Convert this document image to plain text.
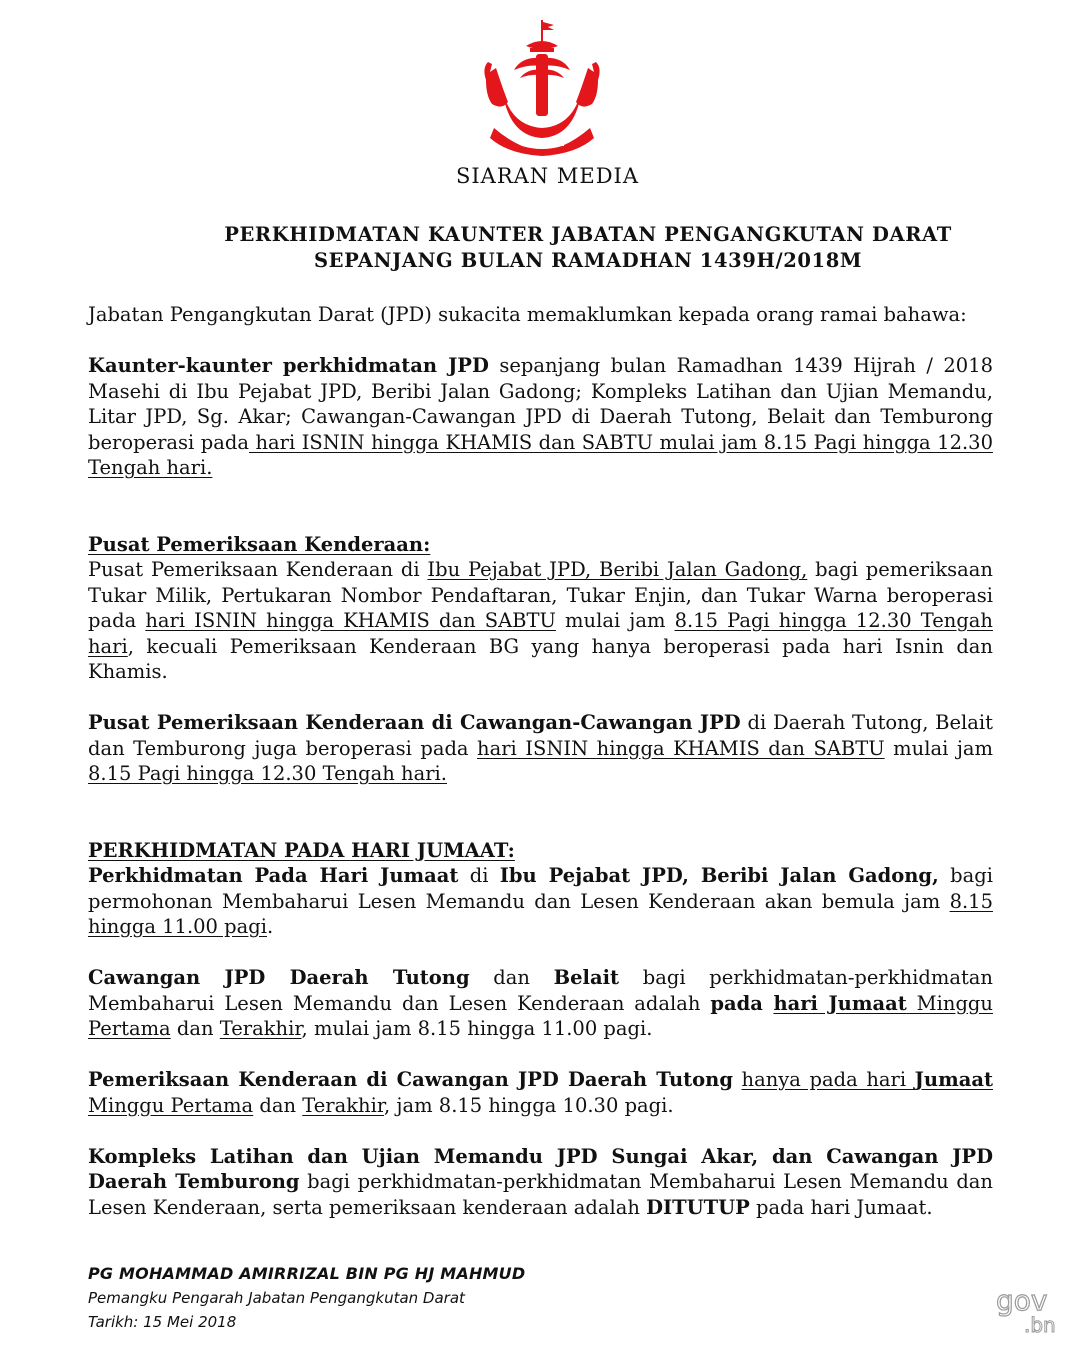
SIARAN MEDIA
PERKHIDMATAN KAUNTER JABATAN PENGANGKUTAN DARAT
SEPANJANG BULAN RAMADHAN 1439H/2018M

Jabatan Pengangkutan Darat (JPD) sukacita memaklumkan kepada orang ramai bahawa:

Kaunter-kaunter perkhidmatan JPD sepanjang bulan Ramadhan 1439 Hijrah / 2018 Masehi di Ibu Pejabat JPD, Beribi Jalan Gadong; Kompleks Latihan dan Ujian Memandu, Litar JPD, Sg. Akar; Cawangan-Cawangan JPD di Daerah Tutong, Belait dan Temburong beroperasi pada hari ISNIN hingga KHAMIS dan SABTU mulai jam 8.15 Pagi hingga 12.30 Tengah hari.

Pusat Pemeriksaan Kenderaan:

Pusat Pemeriksaan Kenderaan di Ibu Pejabat JPD, Beribi Jalan Gadong, bagi pemeriksaan Tukar Milik, Pertukaran Nombor Pendaftaran, Tukar Enjin, dan Tukar Warna beroperasi pada hari ISNIN hingga KHAMIS dan SABTU mulai jam 8.15 Pagi hingga 12.30 Tengah hari, kecuali Pemeriksaan Kenderaan BG yang hanya beroperasi pada hari Isnin dan Khamis.

Pusat Pemeriksaan Kenderaan di Cawangan-Cawangan JPD di Daerah Tutong, Belait dan Temburong juga beroperasi pada hari ISNIN hingga KHAMIS dan SABTU mulai jam 8.15 Pagi hingga 12.30 Tengah hari.

PERKHIDMATAN PADA HARI JUMAAT:

Perkhidmatan Pada Hari Jumaat di Ibu Pejabat JPD, Beribi Jalan Gadong, bagi permohonan Membaharui Lesen Memandu dan Lesen Kenderaan akan bemula jam 8.15 hingga 11.00 pagi.

Cawangan JPD Daerah Tutong dan Belait bagi perkhidmatan-perkhidmatan Membaharui Lesen Memandu dan Lesen Kenderaan adalah pada hari Jumaat Minggu Pertama dan Terakhir, mulai jam 8.15 hingga 11.00 pagi.

Pemeriksaan Kenderaan di Cawangan JPD Daerah Tutong hanya pada hari Jumaat Minggu Pertama dan Terakhir, jam 8.15 hingga 10.30 pagi.

Kompleks Latihan dan Ujian Memandu JPD Sungai Akar, dan Cawangan JPD Daerah Temburong bagi perkhidmatan-perkhidmatan Membaharui Lesen Memandu dan Lesen Kenderaan, serta pemeriksaan kenderaan adalah DITUTUP pada hari Jumaat.

PG MOHAMMAD AMIRRIZAL BIN PG HJ MAHMUD
Pemangku Pengarah Jabatan Pengangkutan Darat
Tarikh: 15 Mei 2018
gov
.bn
